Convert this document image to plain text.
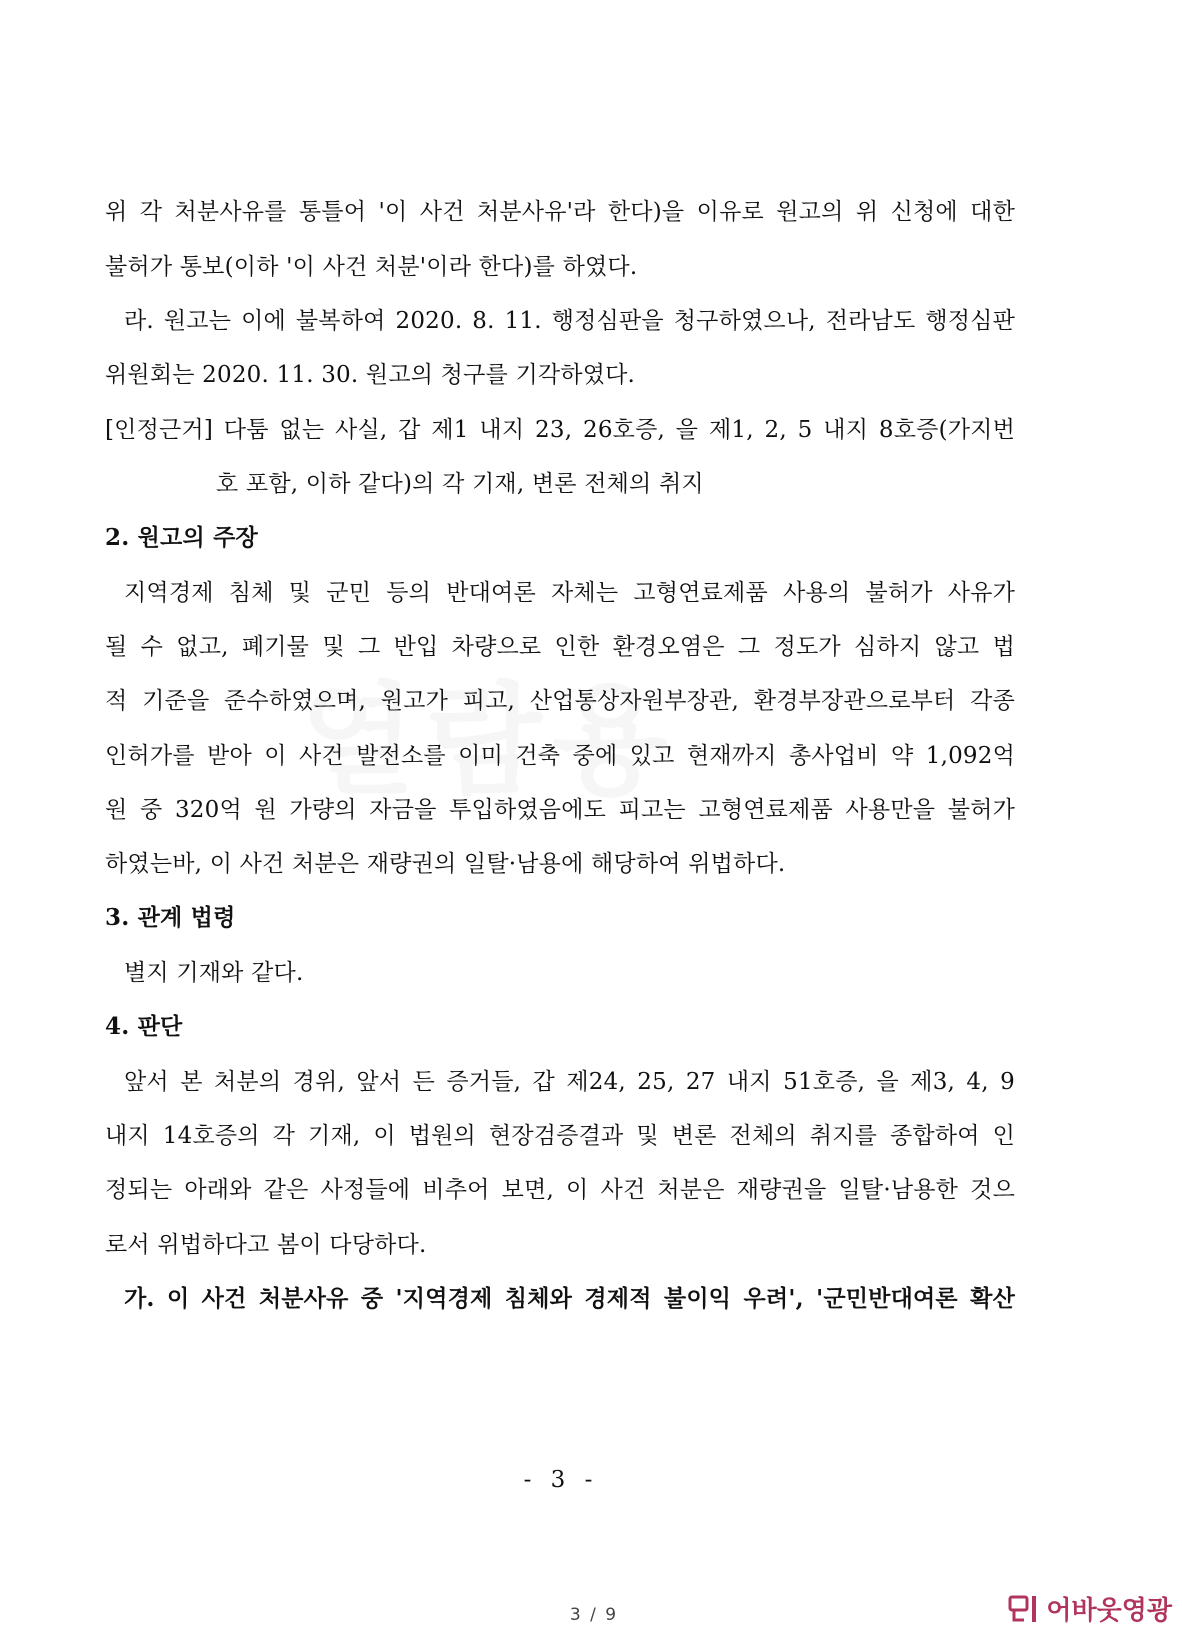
위 각 처분사유를 통틀어 '이 사건 처분사유'라 한다)을 이유로 원고의 위 신청에 대한
불허가 통보(이하 '이 사건 처분'이라 한다)를 하였다.
라. 원고는 이에 불복하여 2020. 8. 11. 행정심판을 청구하였으나, 전라남도 행정심판
위원회는 2020. 11. 30. 원고의 청구를 기각하였다.
[인정근거] 다툼 없는 사실, 갑 제1 내지 23, 26호증, 을 제1, 2, 5 내지 8호증(가지번
호 포함, 이하 같다)의 각 기재, 변론 전체의 취지
2. 원고의 주장
지역경제 침체 및 군민 등의 반대여론 자체는 고형연료제품 사용의 불허가 사유가
될 수 없고, 폐기물 및 그 반입 차량으로 인한 환경오염은 그 정도가 심하지 않고 법
적 기준을 준수하였으며, 원고가 피고, 산업통상자원부장관, 환경부장관으로부터 각종
인허가를 받아 이 사건 발전소를 이미 건축 중에 있고 현재까지 총사업비 약 1,092억
원 중 320억 원 가량의 자금을 투입하였음에도 피고는 고형연료제품 사용만을 불허가
하였는바, 이 사건 처분은 재량권의 일탈·남용에 해당하여 위법하다.
3. 관계 법령
별지 기재와 같다.
4. 판단
앞서 본 처분의 경위, 앞서 든 증거들, 갑 제24, 25, 27 내지 51호증, 을 제3, 4, 9
내지 14호증의 각 기재, 이 법원의 현장검증결과 및 변론 전체의 취지를 종합하여 인
정되는 아래와 같은 사정들에 비추어 보면, 이 사건 처분은 재량권을 일탈·남용한 것으
로서 위법하다고 봄이 다당하다.
가. 이 사건 처분사유 중 '지역경제 침체와 경제적 불이익 우려', '군민반대여론 확산
- 3 -
3 / 9	어바웃영광
